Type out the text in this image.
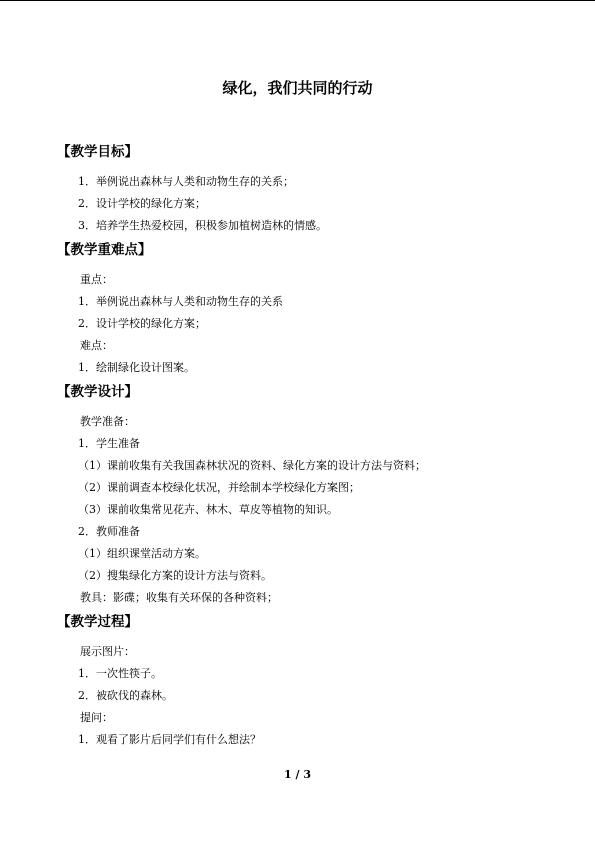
绿化，我们共同的行动
【教学目标】
1．举例说出森林与人类和动物生存的关系；
2．设计学校的绿化方案；
3．培养学生热爱校园，积极参加植树造林的情感。
【教学重难点】
重点：
1．举例说出森林与人类和动物生存的关系
2．设计学校的绿化方案；
难点：
1．绘制绿化设计图案。
【教学设计】
教学准备：
1．学生准备
（1）课前收集有关我国森林状况的资料、绿化方案的设计方法与资料；
（2）课前调查本校绿化状况，并绘制本学校绿化方案图；
（3）课前收集常见花卉、林木、草皮等植物的知识。
2．教师准备
（1）组织课堂活动方案。
（2）搜集绿化方案的设计方法与资料。
教具：影碟；收集有关环保的各种资料；
【教学过程】
展示图片：
1．一次性筷子。
2．被砍伐的森林。
提问：
1．观看了影片后同学们有什么想法？
1 / 3
